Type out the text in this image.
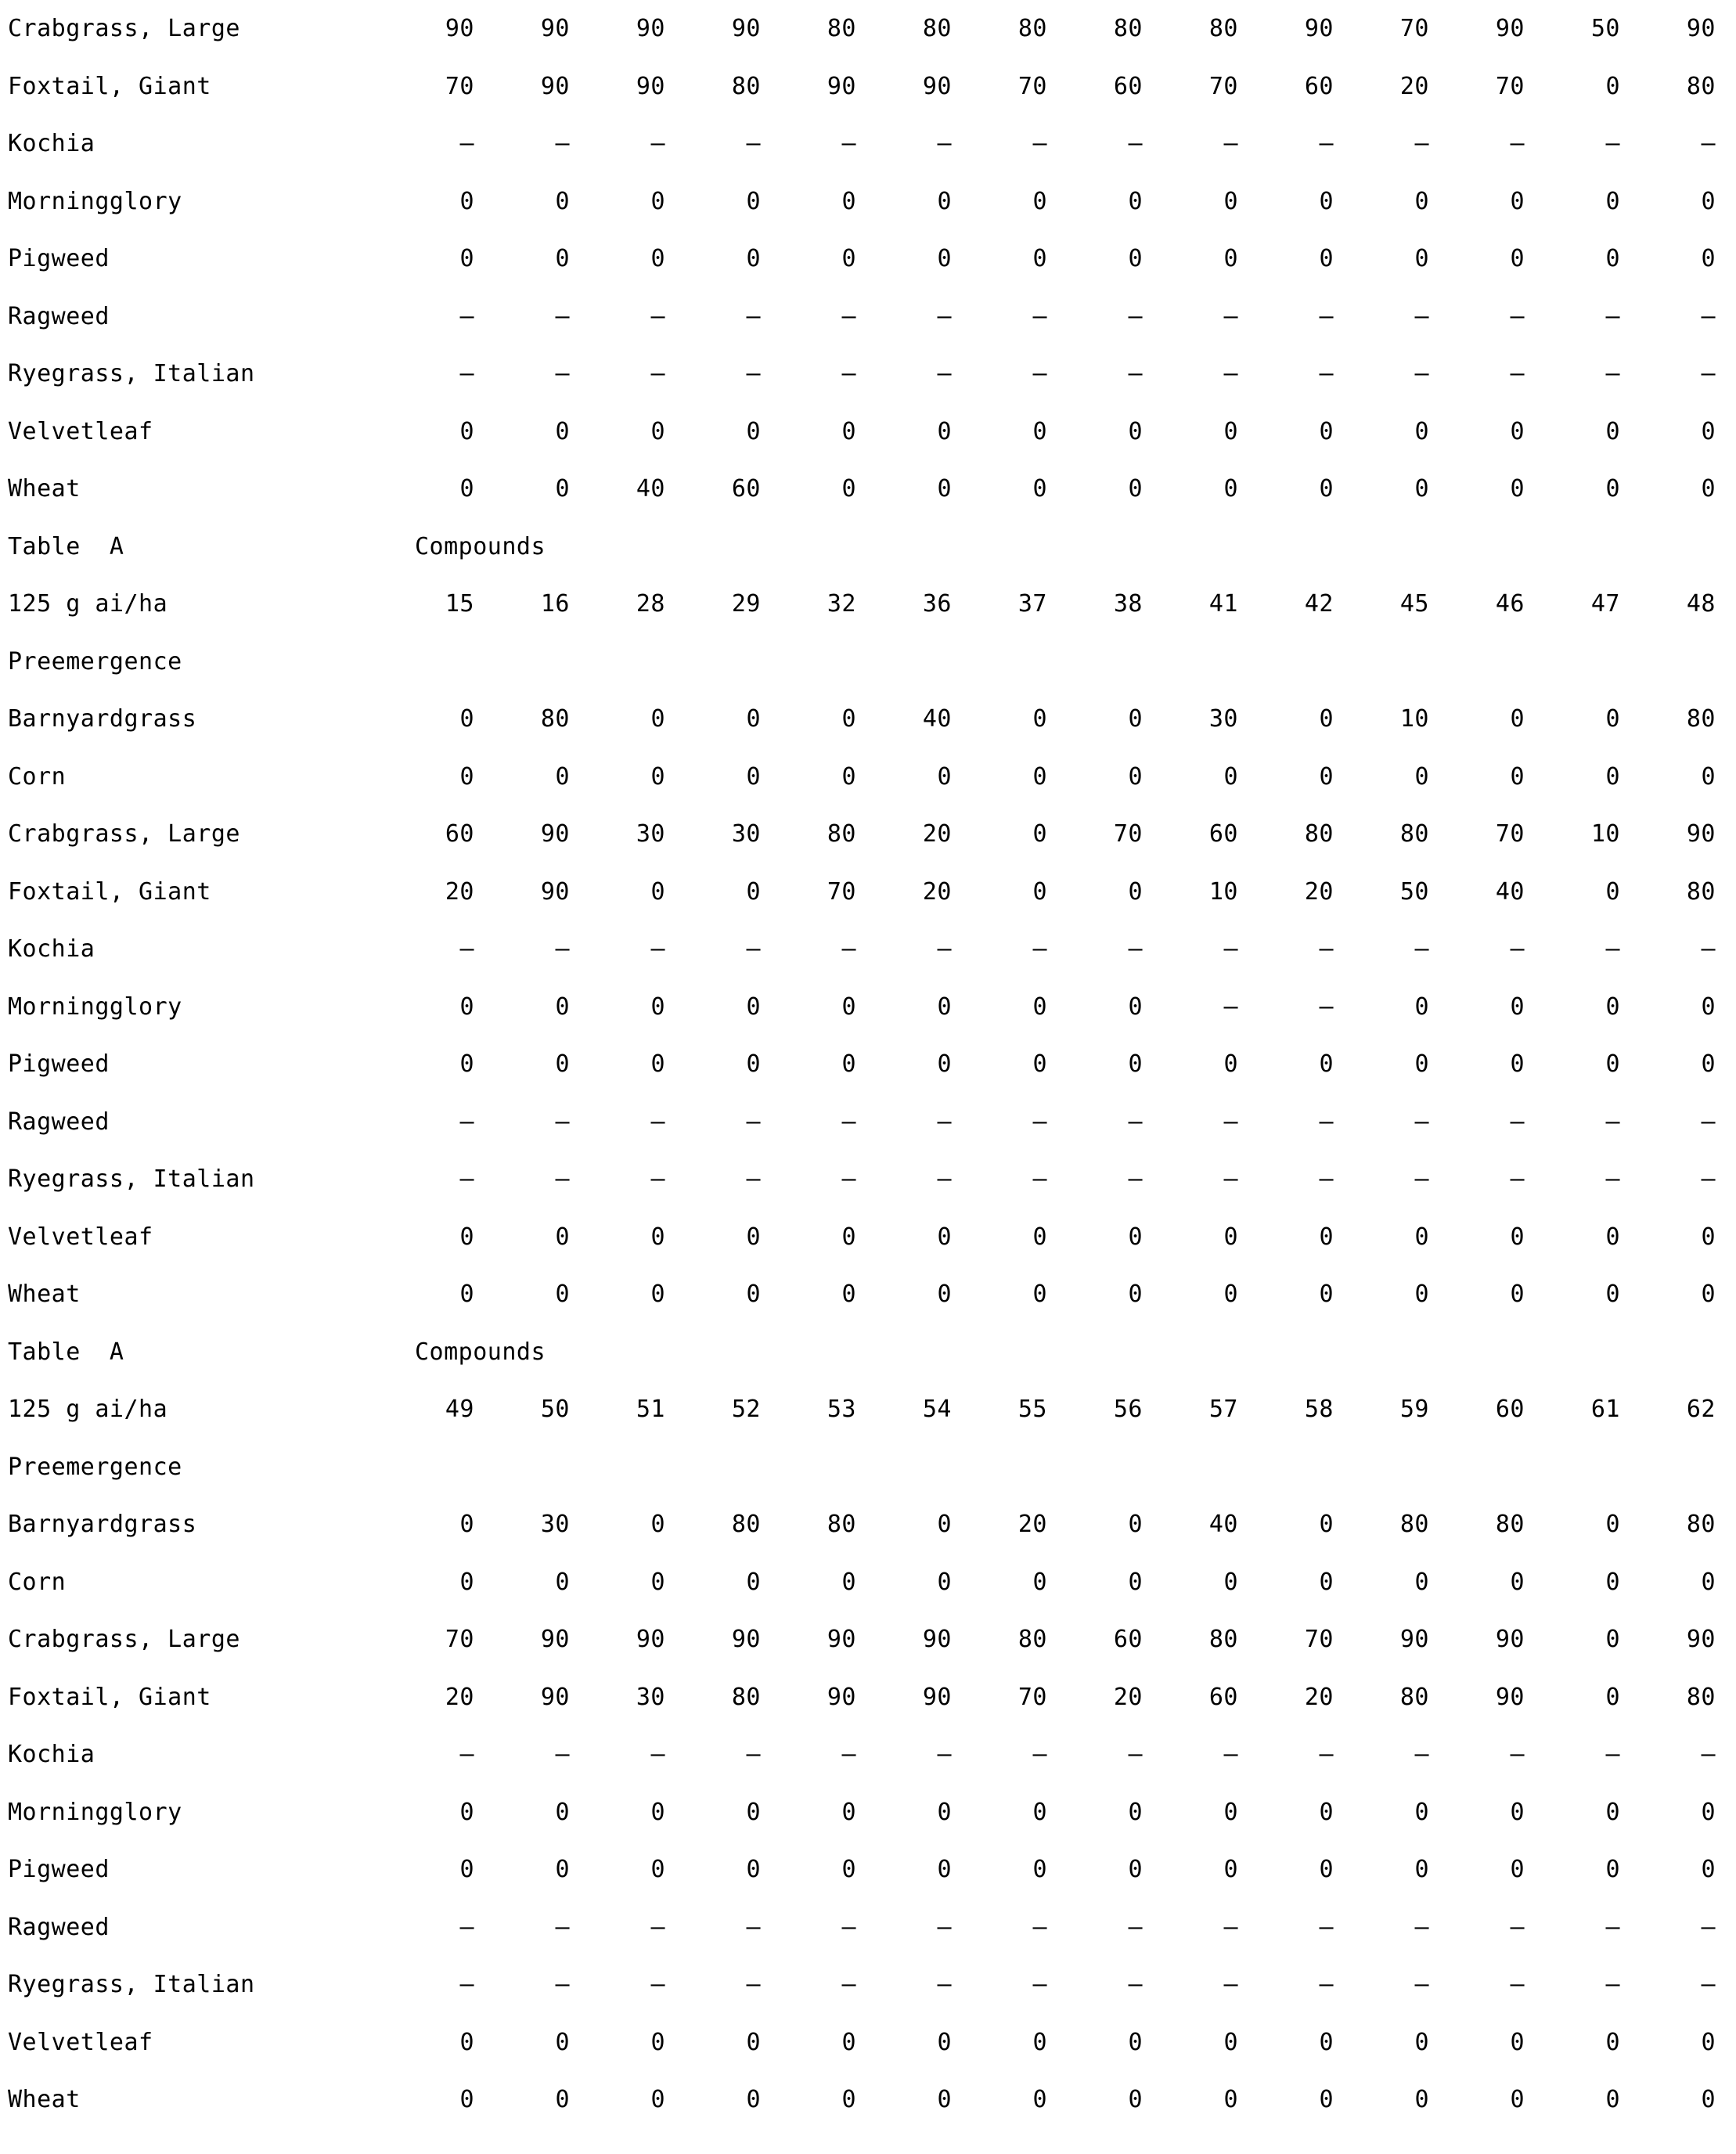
Crabgrass, Large	90	90	90	90	80	80	80	80	80	90	70	90	50	90
Foxtail, Giant	70	90	90	80	90	90	70	60	70	60	20	70	0	80
Kochia	–	–	–	–	–	–	–	–	–	–	–	–	–	–
Morningglory	0	0	0	0	0	0	0	0	0	0	0	0	0	0
Pigweed	0	0	0	0	0	0	0	0	0	0	0	0	0	0
Ragweed	–	–	–	–	–	–	–	–	–	–	–	–	–	–
Ryegrass, Italian	–	–	–	–	–	–	–	–	–	–	–	–	–	–
Velvetleaf	0	0	0	0	0	0	0	0	0	0	0	0	0	0
Wheat	0	0	40	60	0	0	0	0	0	0	0	0	0	0
Table  A	Compounds													
125 g ai/ha	15	16	28	29	32	36	37	38	41	42	45	46	47	48
Preemergence														
Barnyardgrass	0	80	0	0	0	40	0	0	30	0	10	0	0	80
Corn	0	0	0	0	0	0	0	0	0	0	0	0	0	0
Crabgrass, Large	60	90	30	30	80	20	0	70	60	80	80	70	10	90
Foxtail, Giant	20	90	0	0	70	20	0	0	10	20	50	40	0	80
Kochia	–	–	–	–	–	–	–	–	–	–	–	–	–	–
Morningglory	0	0	0	0	0	0	0	0	–	–	0	0	0	0
Pigweed	0	0	0	0	0	0	0	0	0	0	0	0	0	0
Ragweed	–	–	–	–	–	–	–	–	–	–	–	–	–	–
Ryegrass, Italian	–	–	–	–	–	–	–	–	–	–	–	–	–	–
Velvetleaf	0	0	0	0	0	0	0	0	0	0	0	0	0	0
Wheat	0	0	0	0	0	0	0	0	0	0	0	0	0	0
Table  A	Compounds													
125 g ai/ha	49	50	51	52	53	54	55	56	57	58	59	60	61	62
Preemergence														
Barnyardgrass	0	30	0	80	80	0	20	0	40	0	80	80	0	80
Corn	0	0	0	0	0	0	0	0	0	0	0	0	0	0
Crabgrass, Large	70	90	90	90	90	90	80	60	80	70	90	90	0	90
Foxtail, Giant	20	90	30	80	90	90	70	20	60	20	80	90	0	80
Kochia	–	–	–	–	–	–	–	–	–	–	–	–	–	–
Morningglory	0	0	0	0	0	0	0	0	0	0	0	0	0	0
Pigweed	0	0	0	0	0	0	0	0	0	0	0	0	0	0
Ragweed	–	–	–	–	–	–	–	–	–	–	–	–	–	–
Ryegrass, Italian	–	–	–	–	–	–	–	–	–	–	–	–	–	–
Velvetleaf	0	0	0	0	0	0	0	0	0	0	0	0	0	0
Wheat	0	0	0	0	0	0	0	0	0	0	0	0	0	0
